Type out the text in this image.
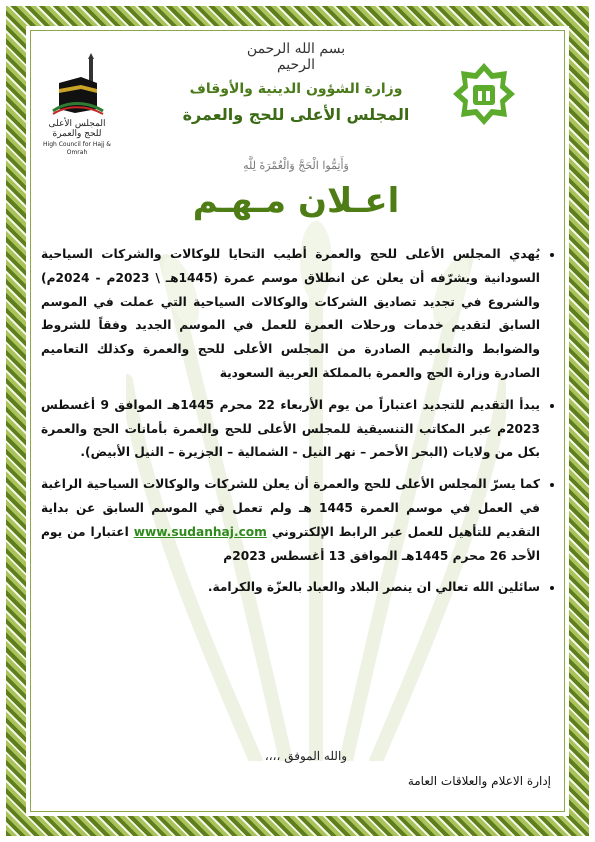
بسم الله الرحمن الرحيم
وزارة الشؤون الدينية والأوقاف
المجلس الأعلى للحج والعمرة
المجلس الأعلى للحج والعمرة
High Council for Hajj & Omrah
وَأَتِمُّوا الْحَجَّ وَالْعُمْرَةَ لِلَّهِ
اعـلان مـهـم
• يُهدي المجلس الأعلى للحج والعمرة أطيب التحايا للوكالات والشركات السياحية السودانية ويشرّفه أن يعلن عن انطلاق موسم عمرة (1445هـ \ 2023م - 2024م) والشروع في تجديد تصاديق الشركات والوكالات السياحية التي عملت في الموسم السابق لتقديم خدمات ورحلات العمرة للعمل في الموسم الجديد وفقاً للشروط والضوابط والتعاميم الصادرة من المجلس الأعلى للحج والعمرة وكذلك التعاميم الصادرة وزارة الحج والعمرة بالمملكة العربية السعودية
• يبدأ التقديم للتجديد اعتباراً من يوم الأربعاء 22 محرم 1445هـ الموافق 9 أغسطس 2023م عبر المكاتب التنسيقية للمجلس الأعلى للحج والعمرة بأمانات الحج والعمرة بكل من ولايات (البحر الأحمر – نهر النيل - الشمالية – الجزيرة – النيل الأبيض).
• كما يسرّ المجلس الأعلى للحج والعمرة أن يعلن للشركات والوكالات السياحية الراغبة في العمل في موسم العمرة 1445 هـ ولم تعمل في الموسم السابق عن بداية التقديم للتأهيل للعمل عبر الرابط الإلكتروني www.sudanhaj.com اعتبارا من يوم الأحد 26 محرم 1445هـ الموافق 13 أغسطس 2023م
• سائلين الله تعالي ان ينصر البلاد والعباد بالعزّة والكرامة.
والله الموفق ،،،،
إدارة الاعلام والعلاقات العامة
